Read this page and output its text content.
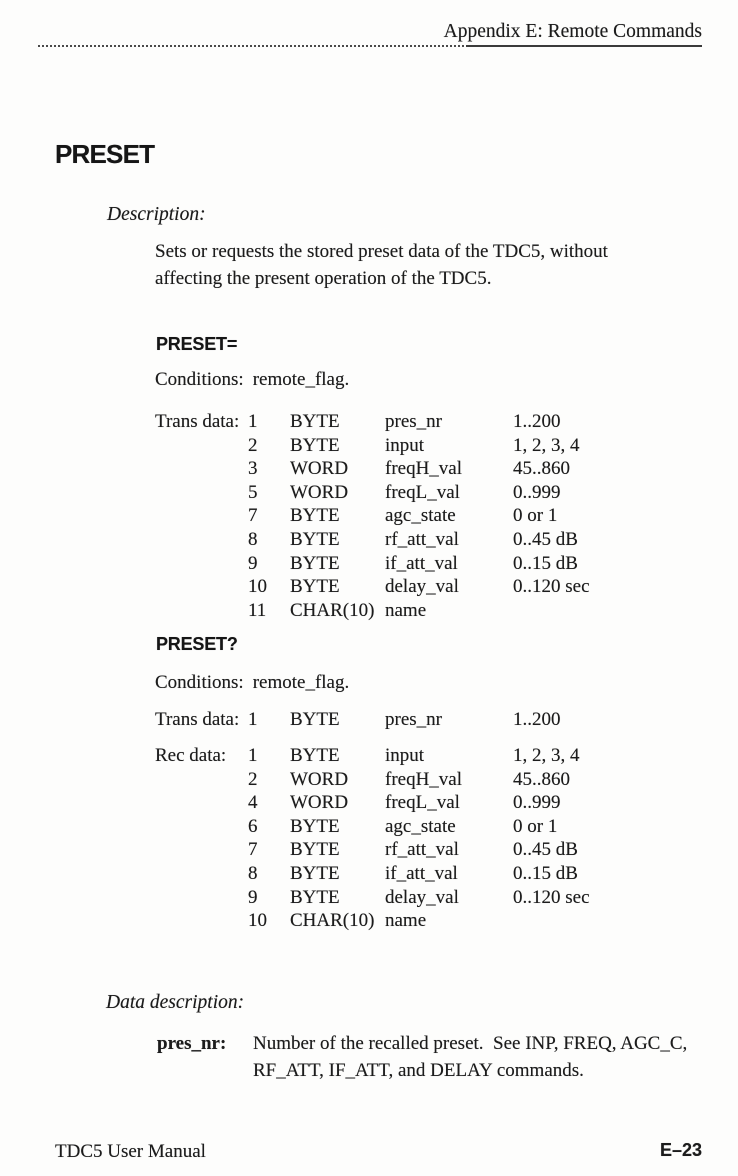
Appendix E: Remote Commands
PRESET
Description:
Sets or requests the stored preset data of the TDC5, without affecting the present operation of the TDC5.
PRESET=
Conditions: remote_flag.
Trans data: 1	BYTE	pres_nr	1..200
2	BYTE	input	1, 2, 3, 4
3	WORD	freqH_val	45..860
5	WORD	freqL_val	0..999
7	BYTE	agc_state	0 or 1
8	BYTE	rf_att_val	0..45 dB
9	BYTE	if_att_val	0..15 dB
10	BYTE	delay_val	0..120 sec
11	CHAR(10) name
PRESET?
Conditions: remote_flag.
Trans data: 1	BYTE	pres_nr	1..200
Rec data:	1	BYTE	input	1, 2, 3, 4
2	WORD	freqH_val	45..860
4	WORD	freqL_val	0..999
6	BYTE	agc_state	0 or 1
7	BYTE	rf_att_val	0..45 dB
8	BYTE	if_att_val	0..15 dB
9	BYTE	delay_val	0..120 sec
10	CHAR(10) name
Data description:
pres_nr:	Number of the recalled preset.  See INP, FREQ, AGC_C, RF_ATT, IF_ATT, and DELAY commands.
TDC5 User Manual	E–23
